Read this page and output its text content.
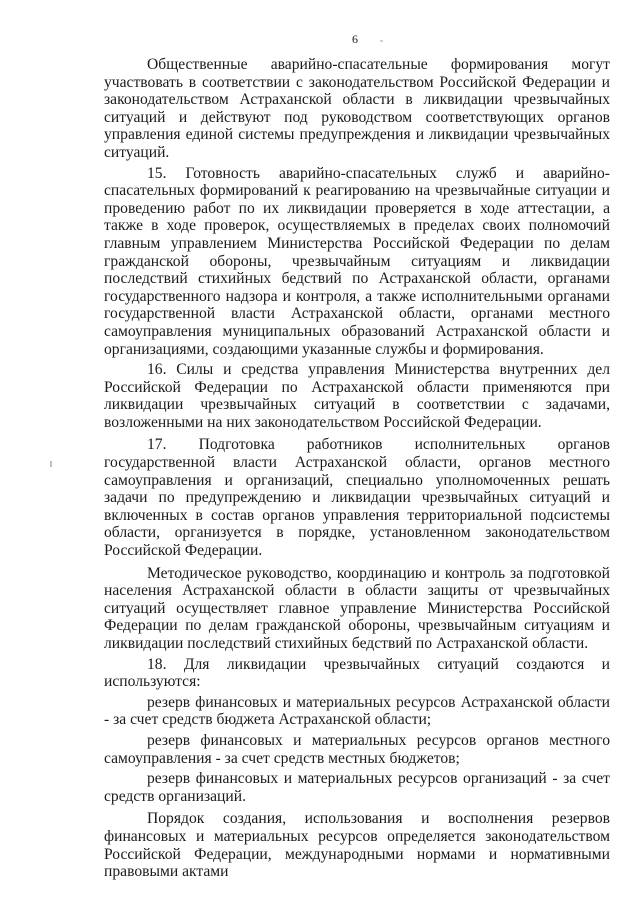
6

Общественные аварийно-спасательные формирования могут участвовать в соответствии с законодательством Российской Федерации и законодательством Астраханской области в ликвидации чрезвычайных ситуаций и действуют под руководством соответствующих органов управления единой системы предупреждения и ликвидации чрезвычайных ситуаций.

15. Готовность аварийно-спасательных служб и аварийно-спасательных формирований к реагированию на чрезвычайные ситуации и проведению работ по их ликвидации проверяется в ходе аттестации, а также в ходе проверок, осуществляемых в пределах своих полномочий главным управлением Министерства Российской Федерации по делам гражданской обороны, чрезвычайным ситуациям и ликвидации последствий стихийных бедствий по Астраханской области, органами государственного надзора и контроля, а также исполнительными органами государственной власти Астраханской области, органами местного самоуправления муниципальных образований Астраханской области и организациями, создающими указанные службы и формирования.

16. Силы и средства управления Министерства внутренних дел Российской Федерации по Астраханской области применяются при ликвидации чрезвычайных ситуаций в соответствии с задачами, возложенными на них законодательством Российской Федерации.

17. Подготовка работников исполнительных органов государственной власти Астраханской области, органов местного самоуправления и организаций, специально уполномоченных решать задачи по предупреждению и ликвидации чрезвычайных ситуаций и включенных в состав органов управления территориальной подсистемы области, организуется в порядке, установленном законодательством Российской Федерации.

Методическое руководство, координацию и контроль за подготовкой населения Астраханской области в области защиты от чрезвычайных ситуаций осуществляет главное управление Министерства Российской Федерации по делам гражданской обороны, чрезвычайным ситуациям и ликвидации последствий стихийных бедствий по Астраханской области.

18. Для ликвидации чрезвычайных ситуаций создаются и используются:

резерв финансовых и материальных ресурсов Астраханской области - за счет средств бюджета Астраханской области;

резерв финансовых и материальных ресурсов органов местного самоуправления - за счет средств местных бюджетов;

резерв финансовых и материальных ресурсов организаций - за счет средств организаций.

Порядок создания, использования и восполнения резервов финансовых и материальных ресурсов определяется законодательством Российской Федерации, международными нормами и нормативными правовыми актами
